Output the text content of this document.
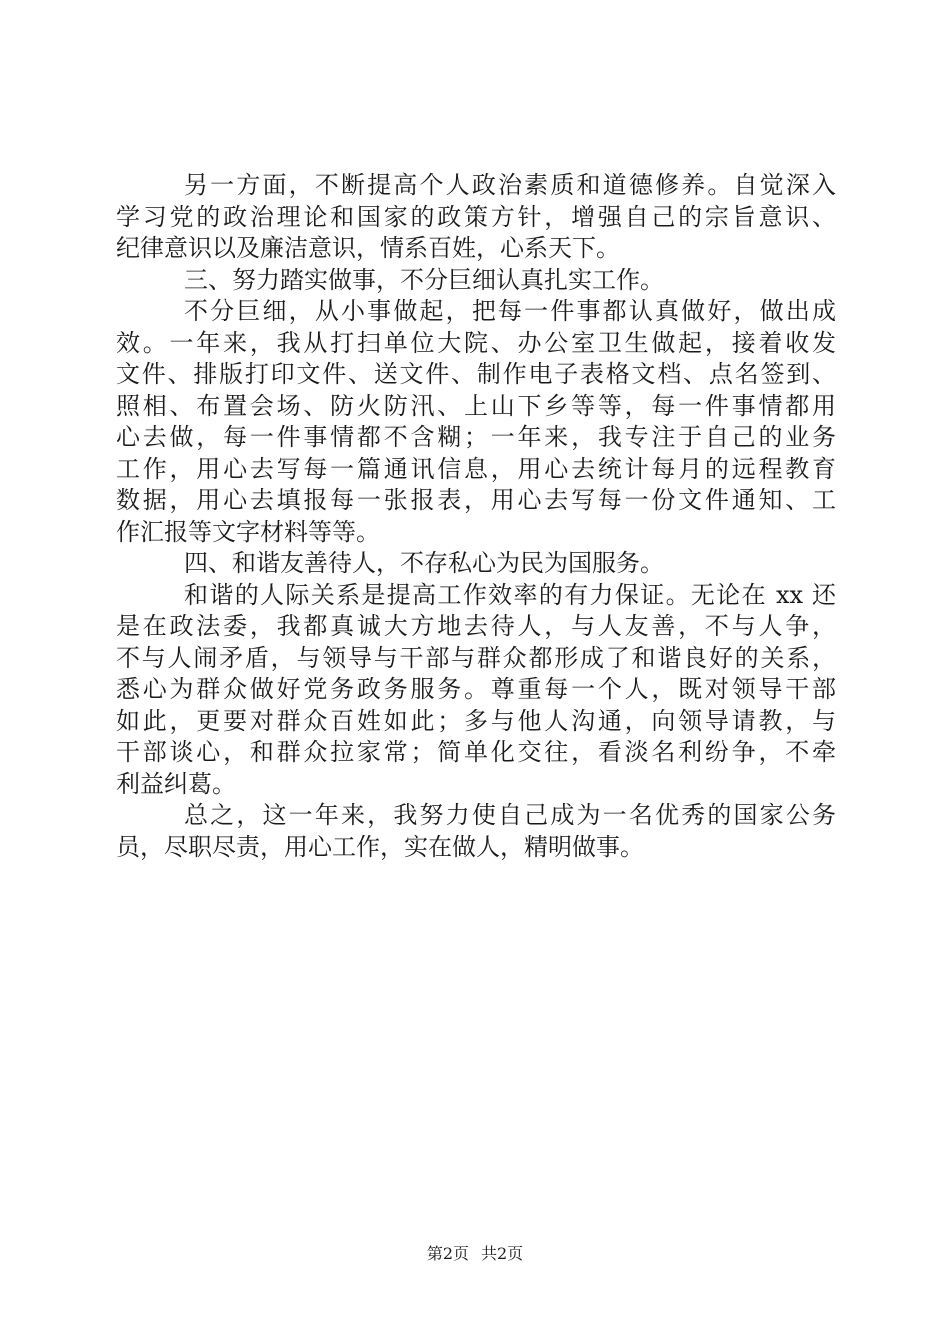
另一方面，不断提高个人政治素质和道德修养。自觉深入
学习党的政治理论和国家的政策方针，增强自己的宗旨意识、
纪律意识以及廉洁意识，情系百姓，心系天下。
三、努力踏实做事，不分巨细认真扎实工作。
不分巨细，从小事做起，把每一件事都认真做好，做出成
效。一年来，我从打扫单位大院、办公室卫生做起，接着收发
文件、排版打印文件、送文件、制作电子表格文档、点名签到、
照相、布置会场、防火防汛、上山下乡等等，每一件事情都用
心去做，每一件事情都不含糊；一年来，我专注于自己的业务
工作，用心去写每一篇通讯信息，用心去统计每月的远程教育
数据，用心去填报每一张报表，用心去写每一份文件通知、工
作汇报等文字材料等等。
四、和谐友善待人，不存私心为民为国服务。
和谐的人际关系是提高工作效率的有力保证。无论在 xx 还
是在政法委，我都真诚大方地去待人，与人友善，不与人争，
不与人闹矛盾，与领导与干部与群众都形成了和谐良好的关系，
悉心为群众做好党务政务服务。尊重每一个人，既对领导干部
如此，更要对群众百姓如此；多与他人沟通，向领导请教，与
干部谈心，和群众拉家常；简单化交往，看淡名利纷争，不牵
利益纠葛。
总之，这一年来，我努力使自己成为一名优秀的国家公务
员，尽职尽责，用心工作，实在做人，精明做事。
第2页 共2页
